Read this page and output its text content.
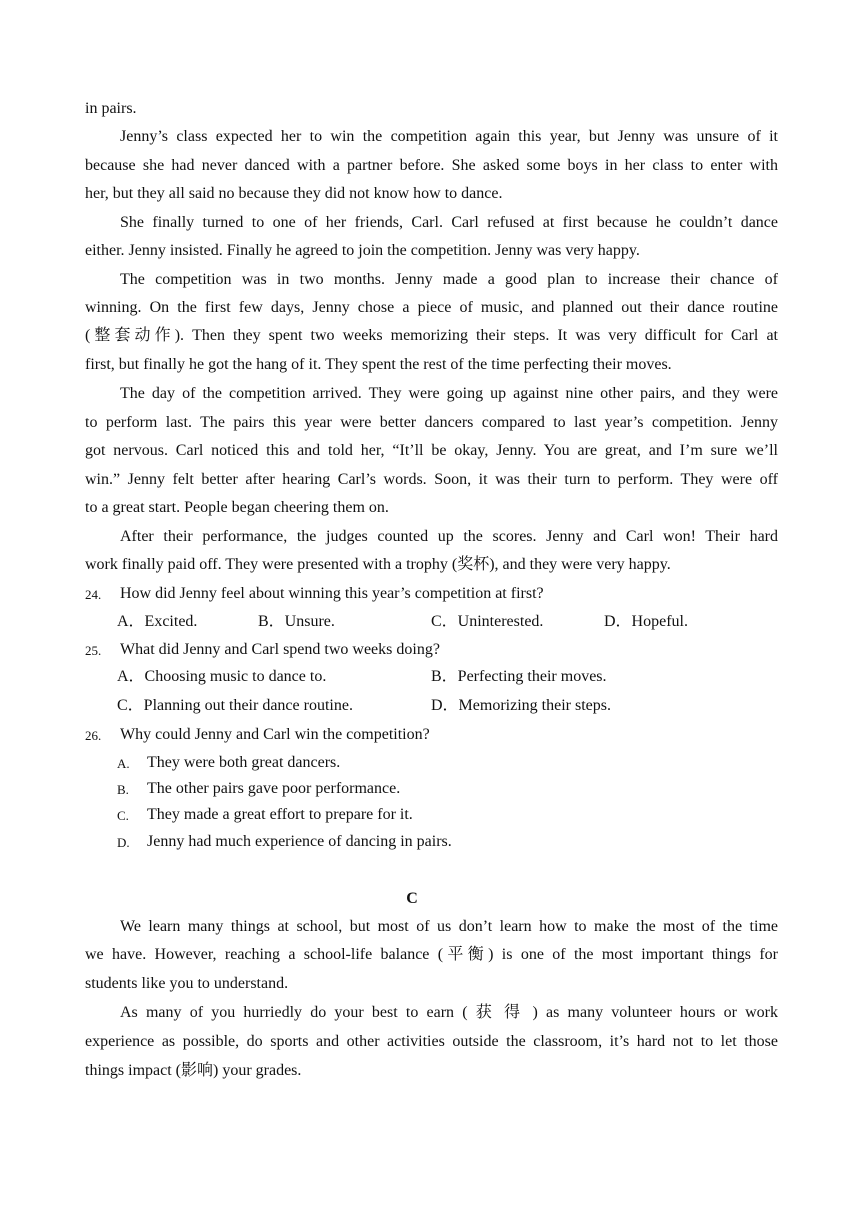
in pairs.
Jenny’s class expected her to win the competition again this year, but Jenny was unsure of it
because she had never danced with a partner before. She asked some boys in her class to enter with
her, but they all said no because they did not know how to dance.
She finally turned to one of her friends, Carl. Carl refused at first because he couldn’t dance
either. Jenny insisted. Finally he agreed to join the competition. Jenny was very happy.
The competition was in two months. Jenny made a good plan to increase their chance of
winning. On the first few days, Jenny chose a piece of music, and planned out their dance routine
(整套动作). Then they spent two weeks memorizing their steps. It was very difficult for Carl at
first, but finally he got the hang of it. They spent the rest of the time perfecting their moves.
The day of the competition arrived. They were going up against nine other pairs, and they were
to perform last. The pairs this year were better dancers compared to last year’s competition. Jenny
got nervous. Carl noticed this and told her, “It’ll be okay, Jenny. You are great, and I’m sure we’ll
win.” Jenny felt better after hearing Carl’s words. Soon, it was their turn to perform. They were off
to a great start. People began cheering them on.
After their performance, the judges counted up the scores. Jenny and Carl won! Their hard
work finally paid off. They were presented with a trophy (奖杯), and they were very happy.
24. How did Jenny feel about winning this year’s competition at first?
A．Excited.	B．Unsure.	C．Uninterested.	D．Hopeful.
25. What did Jenny and Carl spend two weeks doing?
A．Choosing music to dance to.	B．Perfecting their moves.
C．Planning out their dance routine.	D．Memorizing their steps.
26. Why could Jenny and Carl win the competition?
A. They were both great dancers.
B. The other pairs gave poor performance.
C. They made a great effort to prepare for it.
D. Jenny had much experience of dancing in pairs.
C
We learn many things at school, but most of us don’t learn how to make the most of the time
we have. However, reaching a school-life balance (平衡) is one of the most important things for
students like you to understand.
As many of you hurriedly do your best to earn ( 获 得 ) as many volunteer hours or work
experience as possible, do sports and other activities outside the classroom, it’s hard not to let those
things impact (影响) your grades.
